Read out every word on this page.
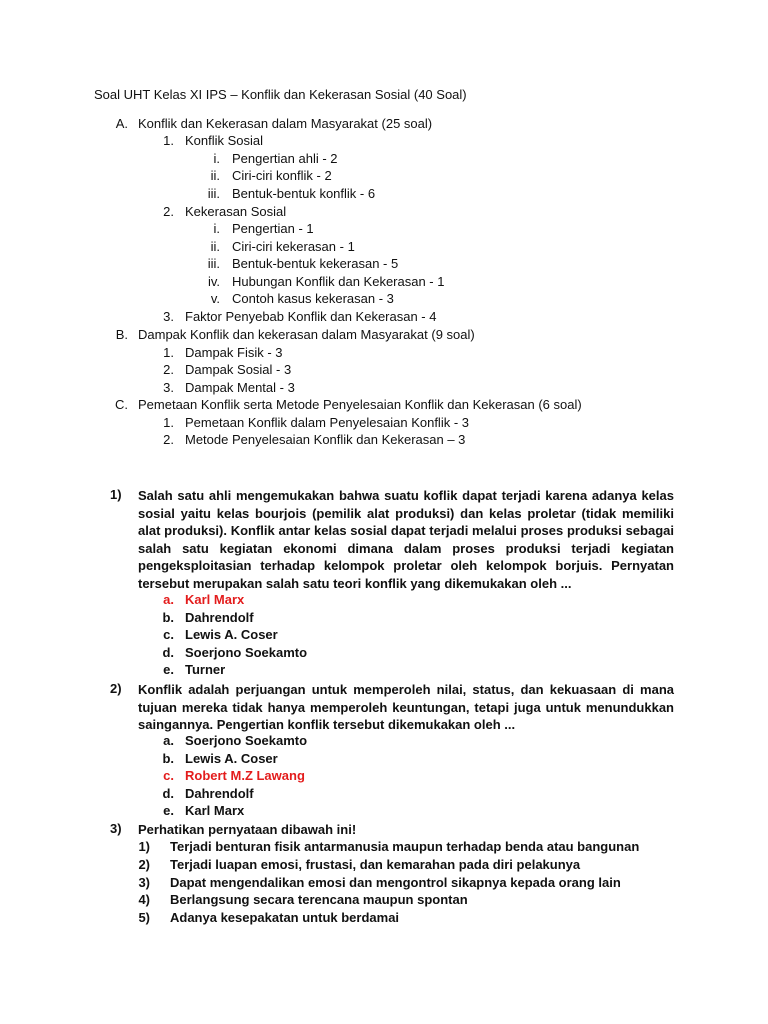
Soal UHT Kelas XI IPS – Konflik dan Kekerasan Sosial (40 Soal)
A. Konflik dan Kekerasan dalam Masyarakat (25 soal)
1. Konflik Sosial
i. Pengertian ahli - 2
ii. Ciri-ciri konflik - 2
iii. Bentuk-bentuk konflik - 6
2. Kekerasan Sosial
i. Pengertian - 1
ii. Ciri-ciri kekerasan - 1
iii. Bentuk-bentuk kekerasan - 5
iv. Hubungan Konflik dan Kekerasan - 1
v. Contoh kasus kekerasan - 3
3. Faktor Penyebab Konflik dan Kekerasan - 4
B. Dampak Konflik dan kekerasan dalam Masyarakat (9 soal)
1. Dampak Fisik - 3
2. Dampak Sosial - 3
3. Dampak Mental - 3
C. Pemetaan Konflik serta Metode Penyelesaian Konflik dan Kekerasan (6 soal)
1. Pemetaan Konflik dalam Penyelesaian Konflik - 3
2. Metode Penyelesaian Konflik dan Kekerasan – 3
1)	Salah satu ahli mengemukakan bahwa suatu koflik dapat terjadi karena adanya kelas sosial yaitu kelas bourjois (pemilik alat produksi) dan kelas proletar (tidak memiliki alat produksi). Konflik antar kelas sosial dapat terjadi melalui proses produksi sebagai salah satu kegiatan ekonomi dimana dalam proses produksi terjadi kegiatan pengeksploitasian terhadap kelompok proletar oleh kelompok borjuis. Pernyatan tersebut merupakan salah satu teori konflik yang dikemukakan oleh ...
a. Karl Marx
b. Dahrendolf
c. Lewis A. Coser
d. Soerjono Soekamto
e. Turner
2)	Konflik adalah perjuangan untuk memperoleh nilai, status, dan kekuasaan di mana tujuan mereka tidak hanya memperoleh keuntungan, tetapi juga untuk menundukkan saingannya. Pengertian konflik tersebut dikemukakan oleh ...
a. Soerjono Soekamto
b. Lewis A. Coser
c. Robert M.Z Lawang
d. Dahrendolf
e. Karl Marx
3)	Perhatikan pernyataan dibawah ini!
1) Terjadi benturan fisik antarmanusia maupun terhadap benda atau bangunan
2) Terjadi luapan emosi, frustasi, dan kemarahan pada diri pelakunya
3) Dapat mengendalikan emosi dan mengontrol sikapnya kepada orang lain
4) Berlangsung secara terencana maupun spontan
5) Adanya kesepakatan untuk berdamai
